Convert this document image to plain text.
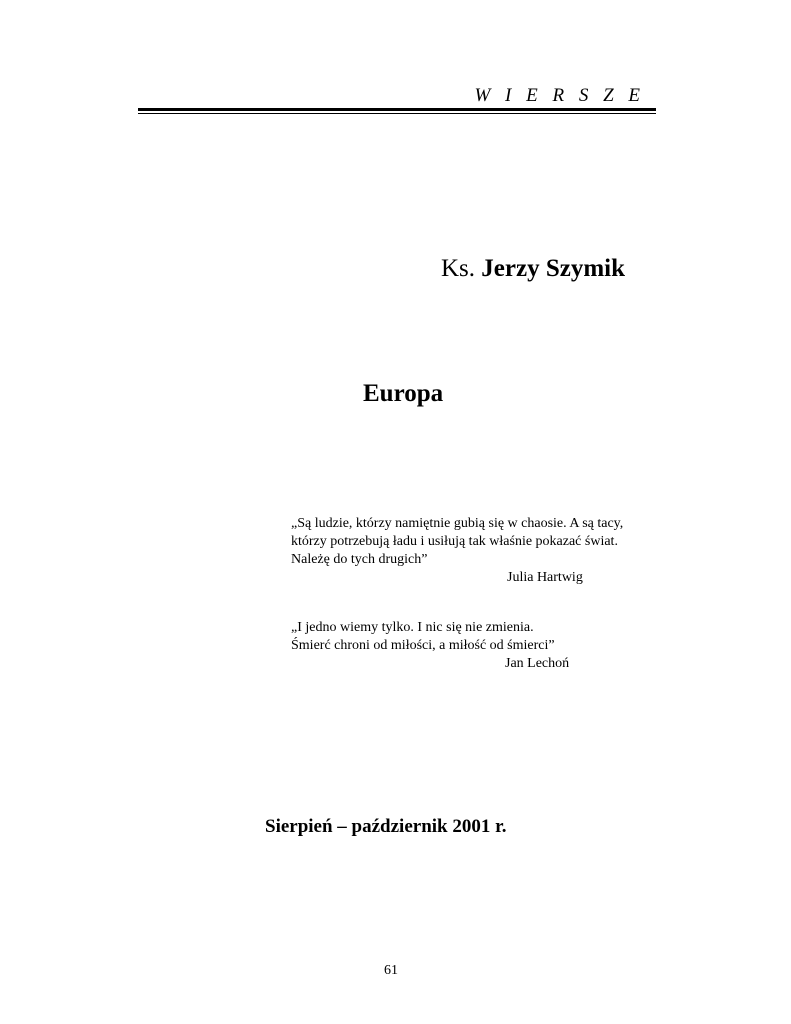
W I E R S Z E
Ks. Jerzy Szymik
Europa
„Są ludzie, którzy namiętnie gubią się w chaosie. A są tacy,
którzy potrzebują ładu i usiłują tak właśnie pokazać świat.
Należę do tych drugich”
Julia Hartwig
„I jedno wiemy tylko. I nic się nie zmienia.
Śmierć chroni od miłości, a miłość od śmierci”
Jan Lechoń
Sierpień – październik 2001 r.
61
